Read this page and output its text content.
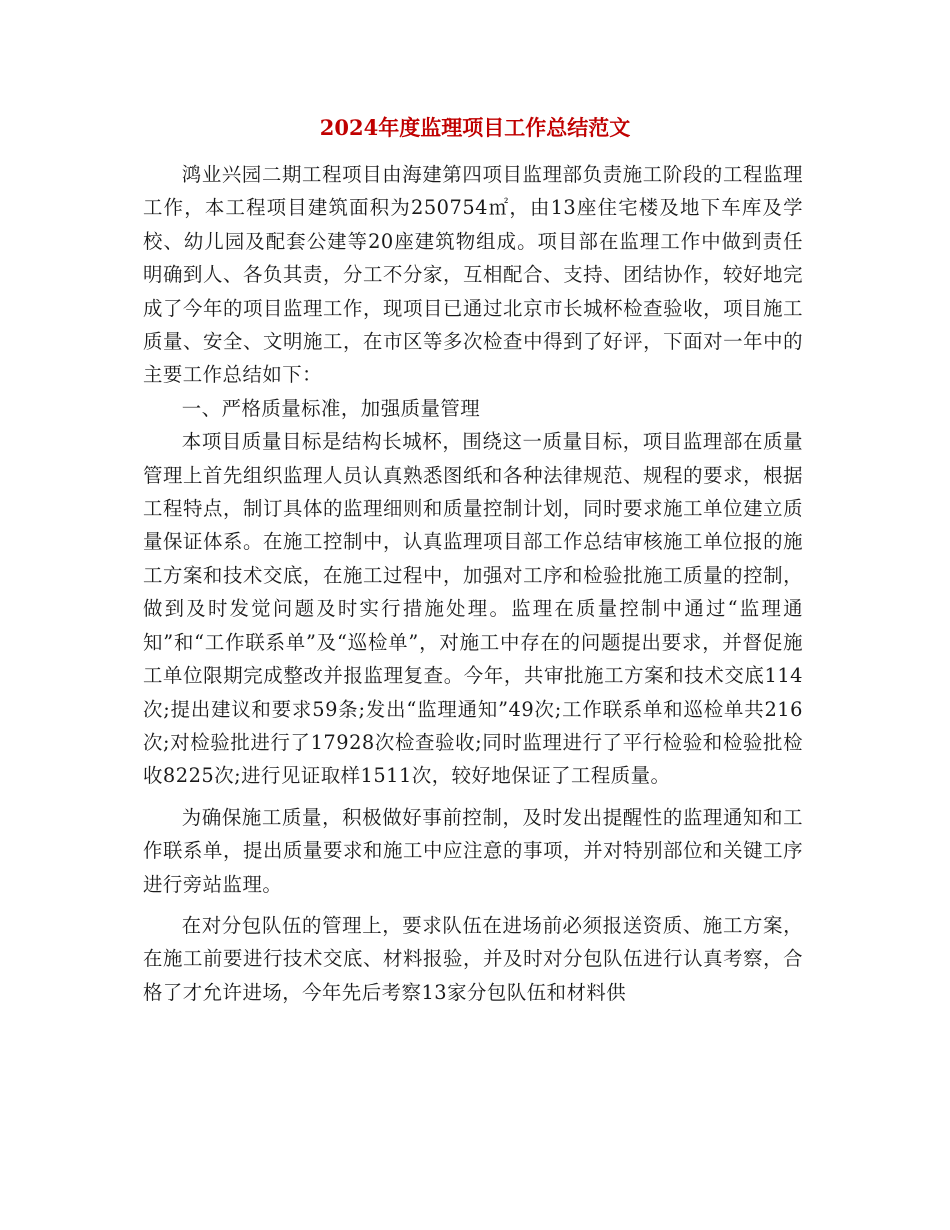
2024年度监理项目工作总结范文

鸿业兴园二期工程项目由海建第四项目监理部负责施工阶段的工程监理工作，本工程项目建筑面积为250754㎡，由13座住宅楼及地下车库及学校、幼儿园及配套公建等20座建筑物组成。项目部在监理工作中做到责任明确到人、各负其责，分工不分家，互相配合、支持、团结协作，较好地完成了今年的项目监理工作，现项目已通过北京市长城杯检查验收，项目施工质量、安全、文明施工，在市区等多次检查中得到了好评，下面对一年中的主要工作总结如下：

一、严格质量标准，加强质量管理

本项目质量目标是结构长城杯，围绕这一质量目标，项目监理部在质量管理上首先组织监理人员认真熟悉图纸和各种法律规范、规程的要求，根据工程特点，制订具体的监理细则和质量控制计划，同时要求施工单位建立质量保证体系。在施工控制中，认真监理项目部工作总结审核施工单位报的施工方案和技术交底，在施工过程中，加强对工序和检验批施工质量的控制，做到及时发觉问题及时实行措施处理。监理在质量控制中通过“监理通知”和“工作联系单”及“巡检单”，对施工中存在的问题提出要求，并督促施工单位限期完成整改并报监理复查。今年，共审批施工方案和技术交底114次;提出建议和要求59条;发出“监理通知”49次;工作联系单和巡检单共216次;对检验批进行了17928次检查验收;同时监理进行了平行检验和检验批检收8225次;进行见证取样1511次，较好地保证了工程质量。

为确保施工质量，积极做好事前控制，及时发出提醒性的监理通知和工作联系单，提出质量要求和施工中应注意的事项，并对特别部位和关键工序进行旁站监理。

在对分包队伍的管理上，要求队伍在进场前必须报送资质、施工方案，在施工前要进行技术交底、材料报验，并及时对分包队伍进行认真考察，合格了才允许进场，今年先后考察13家分包队伍和材料供
